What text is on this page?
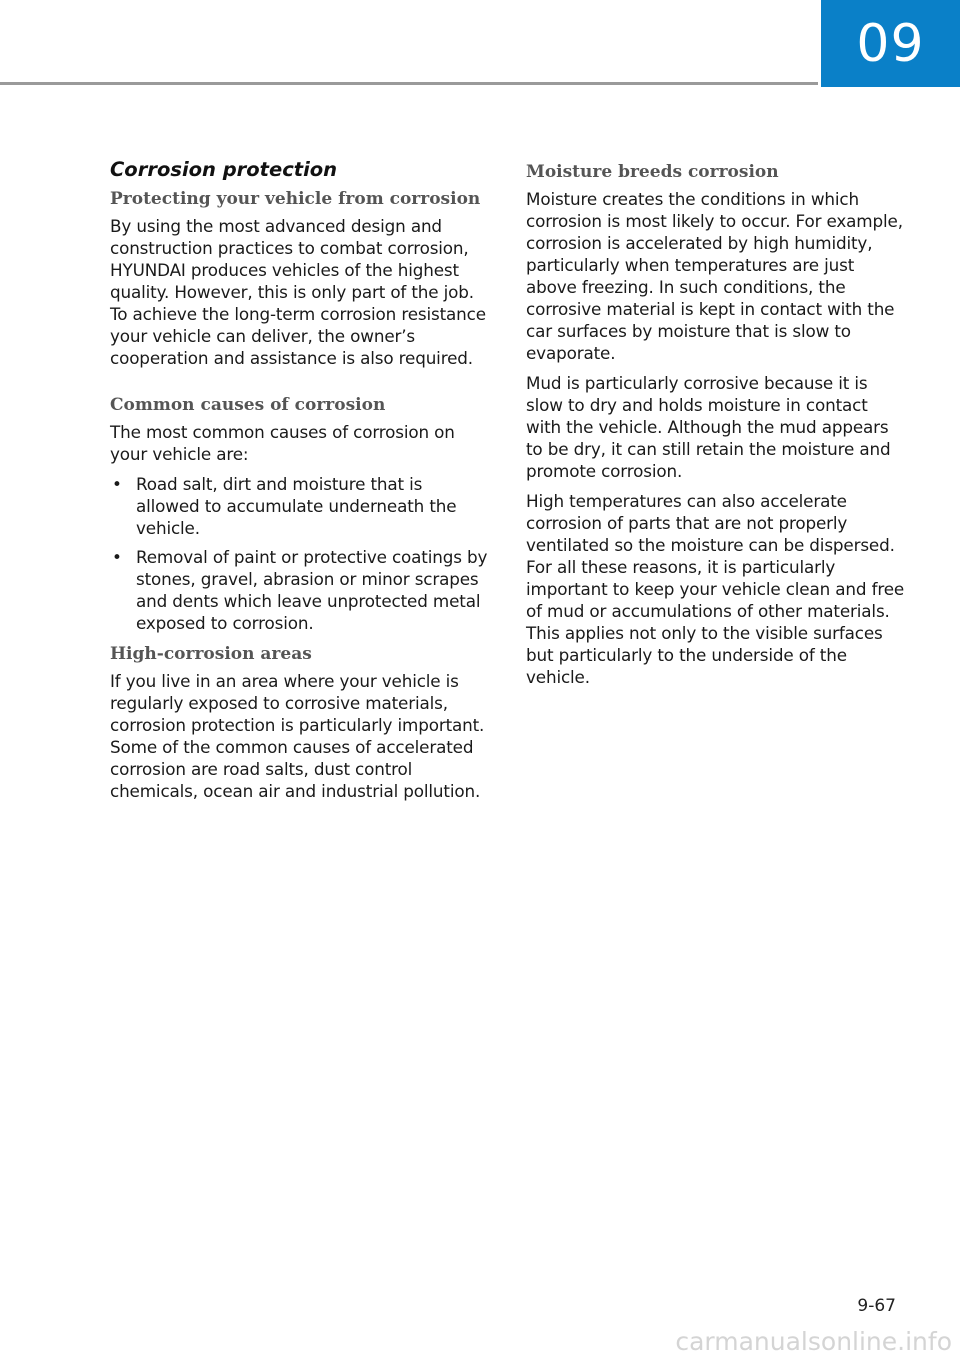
09
Corrosion protection
Protecting your vehicle from corrosion

By using the most advanced design and construction practices to combat corrosion, HYUNDAI produces vehicles of the highest quality. However, this is only part of the job. To achieve the long-term corrosion resistance your vehicle can deliver, the owner’s cooperation and assistance is also required.

Common causes of corrosion

The most common causes of corrosion on your vehicle are:

• Road salt, dirt and moisture that is allowed to accumulate underneath the vehicle.
• Removal of paint or protective coatings by stones, gravel, abrasion or minor scrapes and dents which leave unprotected metal exposed to corrosion.
High-corrosion areas

If you live in an area where your vehicle is regularly exposed to corrosive materials, corrosion protection is particularly important. Some of the common causes of accelerated corrosion are road salts, dust control chemicals, ocean air and industrial pollution.

Moisture breeds corrosion

Moisture creates the conditions in which corrosion is most likely to occur. For example, corrosion is accelerated by high humidity, particularly when temperatures are just above freezing. In such conditions, the corrosive material is kept in contact with the car surfaces by moisture that is slow to evaporate.

Mud is particularly corrosive because it is slow to dry and holds moisture in contact with the vehicle. Although the mud appears to be dry, it can still retain the moisture and promote corrosion.

High temperatures can also accelerate corrosion of parts that are not properly ventilated so the moisture can be dispersed. For all these reasons, it is particularly important to keep your vehicle clean and free of mud or accumulations of other materials. This applies not only to the visible surfaces but particularly to the underside of the vehicle.

9-67
carmanualsonline.info
